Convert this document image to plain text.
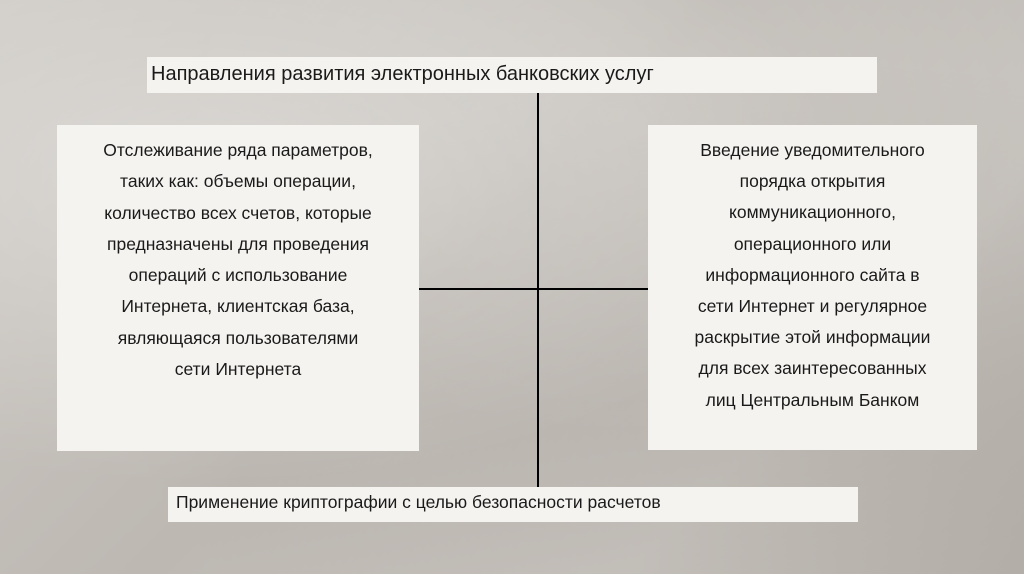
Направления развития электронных банковских услуг
Отслеживание ряда параметров,
таких как: объемы операции,
количество всех счетов, которые
предназначены для проведения
операций с использование
Интернета, клиентская база,
являющаяся пользователями
сети Интернета
Введение уведомительного
порядка открытия
коммуникационного,
операционного или
информационного сайта в
сети Интернет и регулярное
раскрытие этой информации
для всех заинтересованных
лиц Центральным Банком
Применение криптографии с целью безопасности расчетов
